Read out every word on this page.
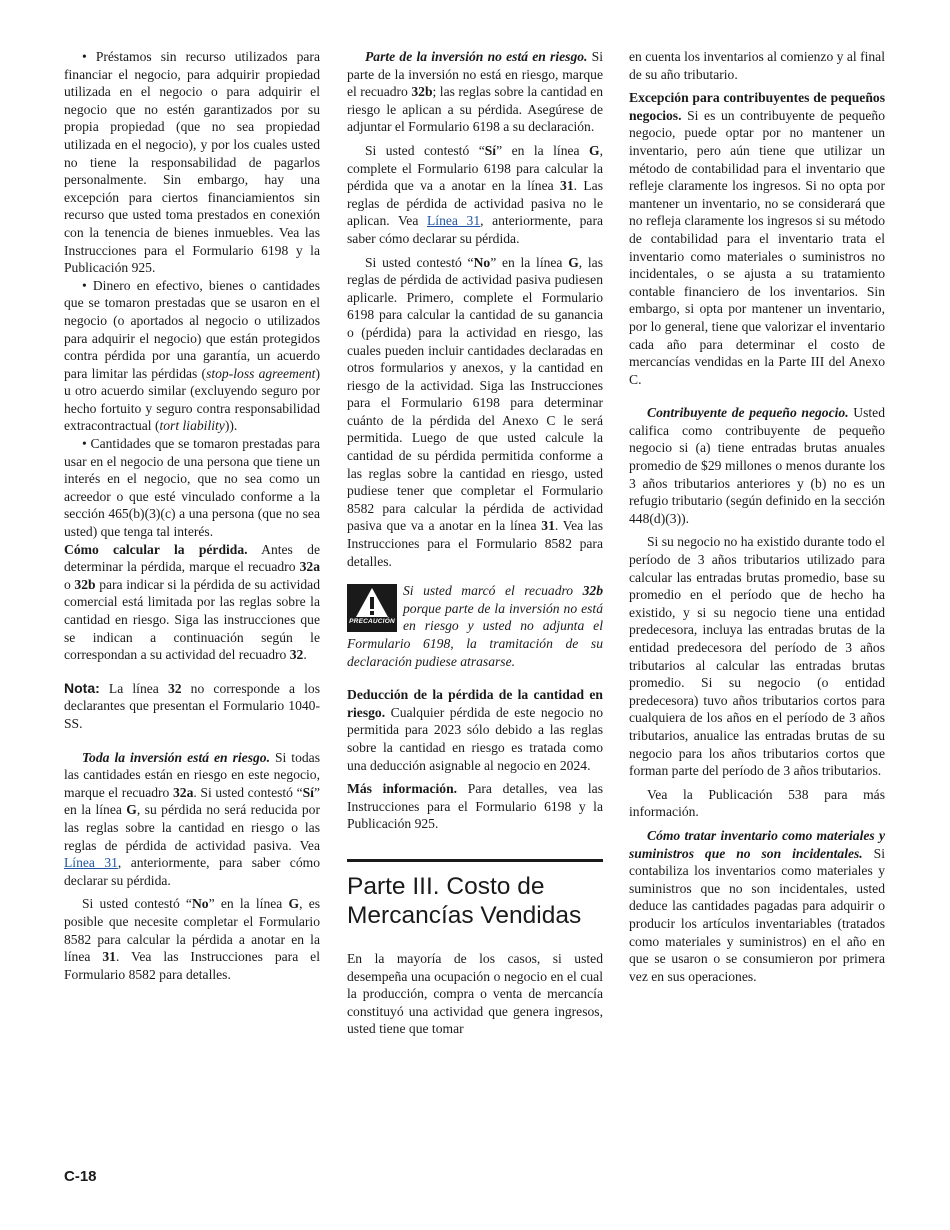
• Préstamos sin recurso utilizados para financiar el negocio, para adquirir propiedad utilizada en el negocio o para adquirir el negocio que no estén garantizados por su propia propiedad (que no sea propiedad utilizada en el negocio), y por los cuales usted no tiene la responsabilidad de pagarlos personalmente. Sin embargo, hay una excepción para ciertos financiamientos sin recurso que usted toma prestados en conexión con la tenencia de bienes inmuebles. Vea las Instrucciones para el Formulario 6198 y la Publicación 925.

• Dinero en efectivo, bienes o cantidades que se tomaron prestadas que se usaron en el negocio (o aportados al negocio o utilizados para adquirir el negocio) que están protegidos contra pérdida por una garantía, un acuerdo para limitar las pérdidas (stop-loss agreement) u otro acuerdo similar (excluyendo seguro por hecho fortuito y seguro contra responsabilidad extracontractual (tort liability)).

• Cantidades que se tomaron prestadas para usar en el negocio de una persona que tiene un interés en el negocio, que no sea como un acreedor o que esté vinculado conforme a la sección 465(b)(3)(c) a una persona (que no sea usted) que tenga tal interés.

Cómo calcular la pérdida. Antes de determinar la pérdida, marque el recuadro 32a o 32b para indicar si la pérdida de su actividad comercial está limitada por las reglas sobre la cantidad en riesgo. Siga las instrucciones que se indican a continuación según le correspondan a su actividad del recuadro 32.

Nota: La línea 32 no corresponde a los declarantes que presentan el Formulario 1040-SS.

Toda la inversión está en riesgo. Si todas las cantidades están en riesgo en este negocio, marque el recuadro 32a. Si usted contestó “Sí” en la línea G, su pérdida no será reducida por las reglas sobre la cantidad en riesgo o las reglas de pérdida de actividad pasiva. Vea Línea 31, anteriormente, para saber cómo declarar su pérdida.

Si usted contestó “No” en la línea G, es posible que necesite completar el Formulario 8582 para calcular la pérdida a anotar en la línea 31. Vea las Instrucciones para el Formulario 8582 para detalles.

Parte de la inversión no está en riesgo. Si parte de la inversión no está en riesgo, marque el recuadro 32b; las reglas sobre la cantidad en riesgo le aplican a su pérdida. Asegúrese de adjuntar el Formulario 6198 a su declaración.

Si usted contestó “Sí” en la línea G, complete el Formulario 6198 para calcular la pérdida que va a anotar en la línea 31. Las reglas de pérdida de actividad pasiva no le aplican. Vea Línea 31, anteriormente, para saber cómo declarar su pérdida.

Si usted contestó “No” en la línea G, las reglas de pérdida de actividad pasiva pudiesen aplicarle. Primero, complete el Formulario 6198 para calcular la cantidad de su ganancia o (pérdida) para la actividad en riesgo, las cuales pueden incluir cantidades declaradas en otros formularios y anexos, y la cantidad en riesgo de la actividad. Siga las Instrucciones para el Formulario 6198 para determinar cuánto de la pérdida del Anexo C le será permitida. Luego de que usted calcule la cantidad de su pérdida permitida conforme a las reglas sobre la cantidad en riesgo, usted pudiese tener que completar el Formulario 8582 para calcular la pérdida de actividad pasiva que va a anotar en la línea 31. Vea las Instrucciones para el Formulario 8582 para detalles.

PRECAUCIÓN
Si usted marcó el recuadro 32b porque parte de la inversión no está en riesgo y usted no adjunta el Formulario 6198, la tramitación de su declaración pudiese atrasarse.

Deducción de la pérdida de la cantidad en riesgo. Cualquier pérdida de este negocio no permitida para 2023 sólo debido a las reglas sobre la cantidad en riesgo es tratada como una deducción asignable al negocio en 2024.

Más información. Para detalles, vea las Instrucciones para el Formulario 6198 y la Publicación 925.

Parte III. Costo de Mercancías Vendidas

En la mayoría de los casos, si usted desempeña una ocupación o negocio en el cual la producción, compra o venta de mercancía constituyó una actividad que genera ingresos, usted tiene que tomar

en cuenta los inventarios al comienzo y al final de su año tributario.

Excepción para contribuyentes de pequeños negocios. Si es un contribuyente de pequeño negocio, puede optar por no mantener un inventario, pero aún tiene que utilizar un método de contabilidad para el inventario que refleje claramente los ingresos. Si no opta por mantener un inventario, no se considerará que no refleja claramente los ingresos si su método de contabilidad para el inventario trata el inventario como materiales o suministros no incidentales, o se ajusta a su tratamiento contable financiero de los inventarios. Sin embargo, si opta por mantener un inventario, por lo general, tiene que valorizar el inventario cada año para determinar el costo de mercancías vendidas en la Parte III del Anexo C.

Contribuyente de pequeño negocio. Usted califica como contribuyente de pequeño negocio si (a) tiene entradas brutas anuales promedio de $29 millones o menos durante los 3 años tributarios anteriores y (b) no es un refugio tributario (según definido en la sección 448(d)(3)).

Si su negocio no ha existido durante todo el período de 3 años tributarios utilizado para calcular las entradas brutas promedio, base su promedio en el período que de hecho ha existido, y si su negocio tiene una entidad predecesora, incluya las entradas brutas de la entidad predecesora del período de 3 años tributarios al calcular las entradas brutas promedio. Si su negocio (o entidad predecesora) tuvo años tributarios cortos para cualquiera de los años en el período de 3 años tributarios, anualice las entradas brutas de su negocio para los años tributarios cortos que forman parte del período de 3 años tributarios.

Vea la Publicación 538 para más información.

Cómo tratar inventario como materiales y suministros que no son incidentales. Si contabiliza los inventarios como materiales y suministros que no son incidentales, usted deduce las cantidades pagadas para adquirir o producir los artículos inventariables (tratados como materiales y suministros) en el año en que se usaron o se consumieron por primera vez en sus operaciones.

C-18
